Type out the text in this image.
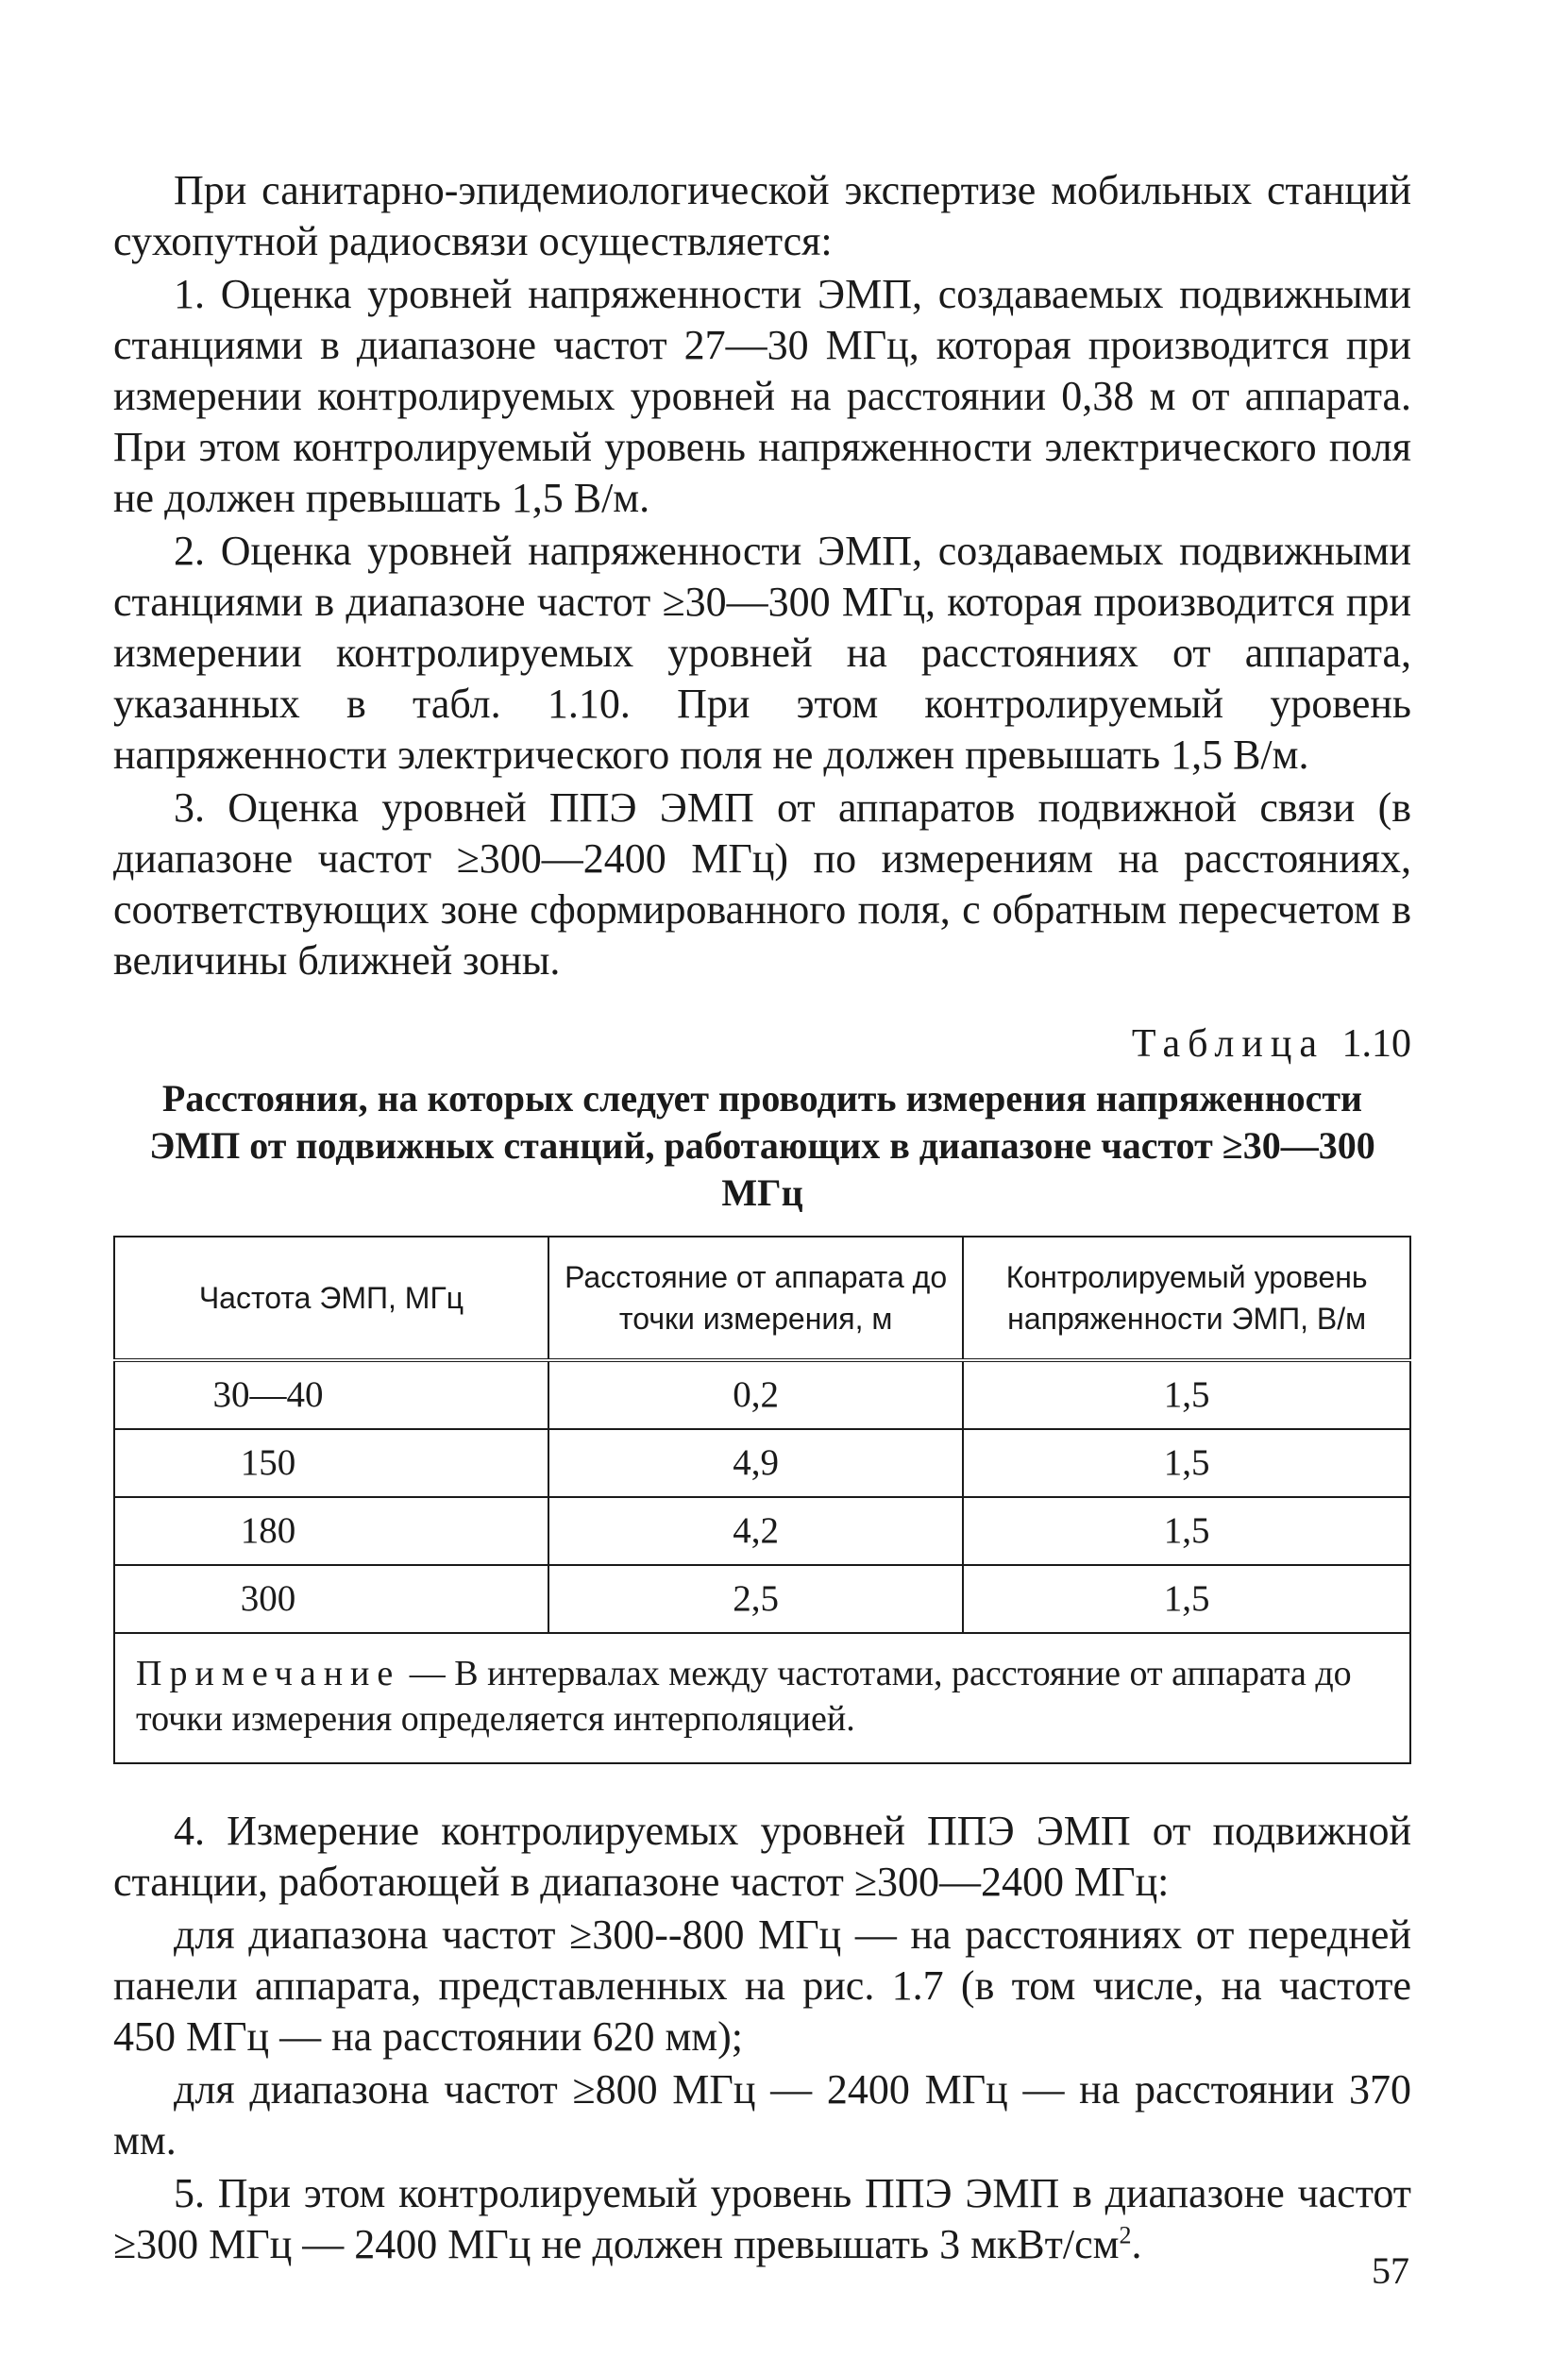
При санитарно-эпидемиологической экспертизе мобильных станций сухопутной радиосвязи осуществляется:

1. Оценка уровней напряженности ЭМП, создаваемых подвижными станциями в диапазоне частот 27—30 МГц, которая производится при измерении контролируемых уровней на расстоянии 0,38 м от аппарата. При этом контролируемый уровень напряженности электрического поля не должен превышать 1,5 В/м.

2. Оценка уровней напряженности ЭМП, создаваемых подвижными станциями в диапазоне частот ≥30—300 МГц, которая производится при измерении контролируемых уровней на расстояниях от аппарата, указанных в табл. 1.10. При этом контролируемый уровень напряженности электрического поля не должен превышать 1,5 В/м.

3. Оценка уровней ППЭ ЭМП от аппаратов подвижной связи (в диапазоне частот ≥300—2400 МГц) по измерениям на расстояниях, соответствующих зоне сформированного поля, с обратным пересчетом в величины ближней зоны.

Таблица 1.10
Расстояния, на которых следует проводить измерения напряженности ЭМП от подвижных станций, работающих в диапазоне частот ≥30—300 МГц
Частота ЭМП, МГц	Расстояние от аппарата до точки измерения, м	Контролируемый уровень напряженности ЭМП, В/м
30—40	0,2	1,5
150	4,9	1,5
180	4,2	1,5
300	2,5	1,5
Примечание — В интервалах между частотами, расстояние от аппарата до точки измерения определяется интерполяцией.		

4. Измерение контролируемых уровней ППЭ ЭМП от подвижной станции, работающей в диапазоне частот ≥300—2400 МГц:

для диапазона частот ≥300--800 МГц — на расстояниях от передней панели аппарата, представленных на рис. 1.7 (в том числе, на частоте 450 МГц — на расстоянии 620 мм);

для диапазона частот ≥800 МГц — 2400 МГц — на расстоянии 370 мм.

5. При этом контролируемый уровень ППЭ ЭМП в диапазоне частот ≥300 МГц — 2400 МГц не должен превышать 3 мкВт/$см^2$.

57
